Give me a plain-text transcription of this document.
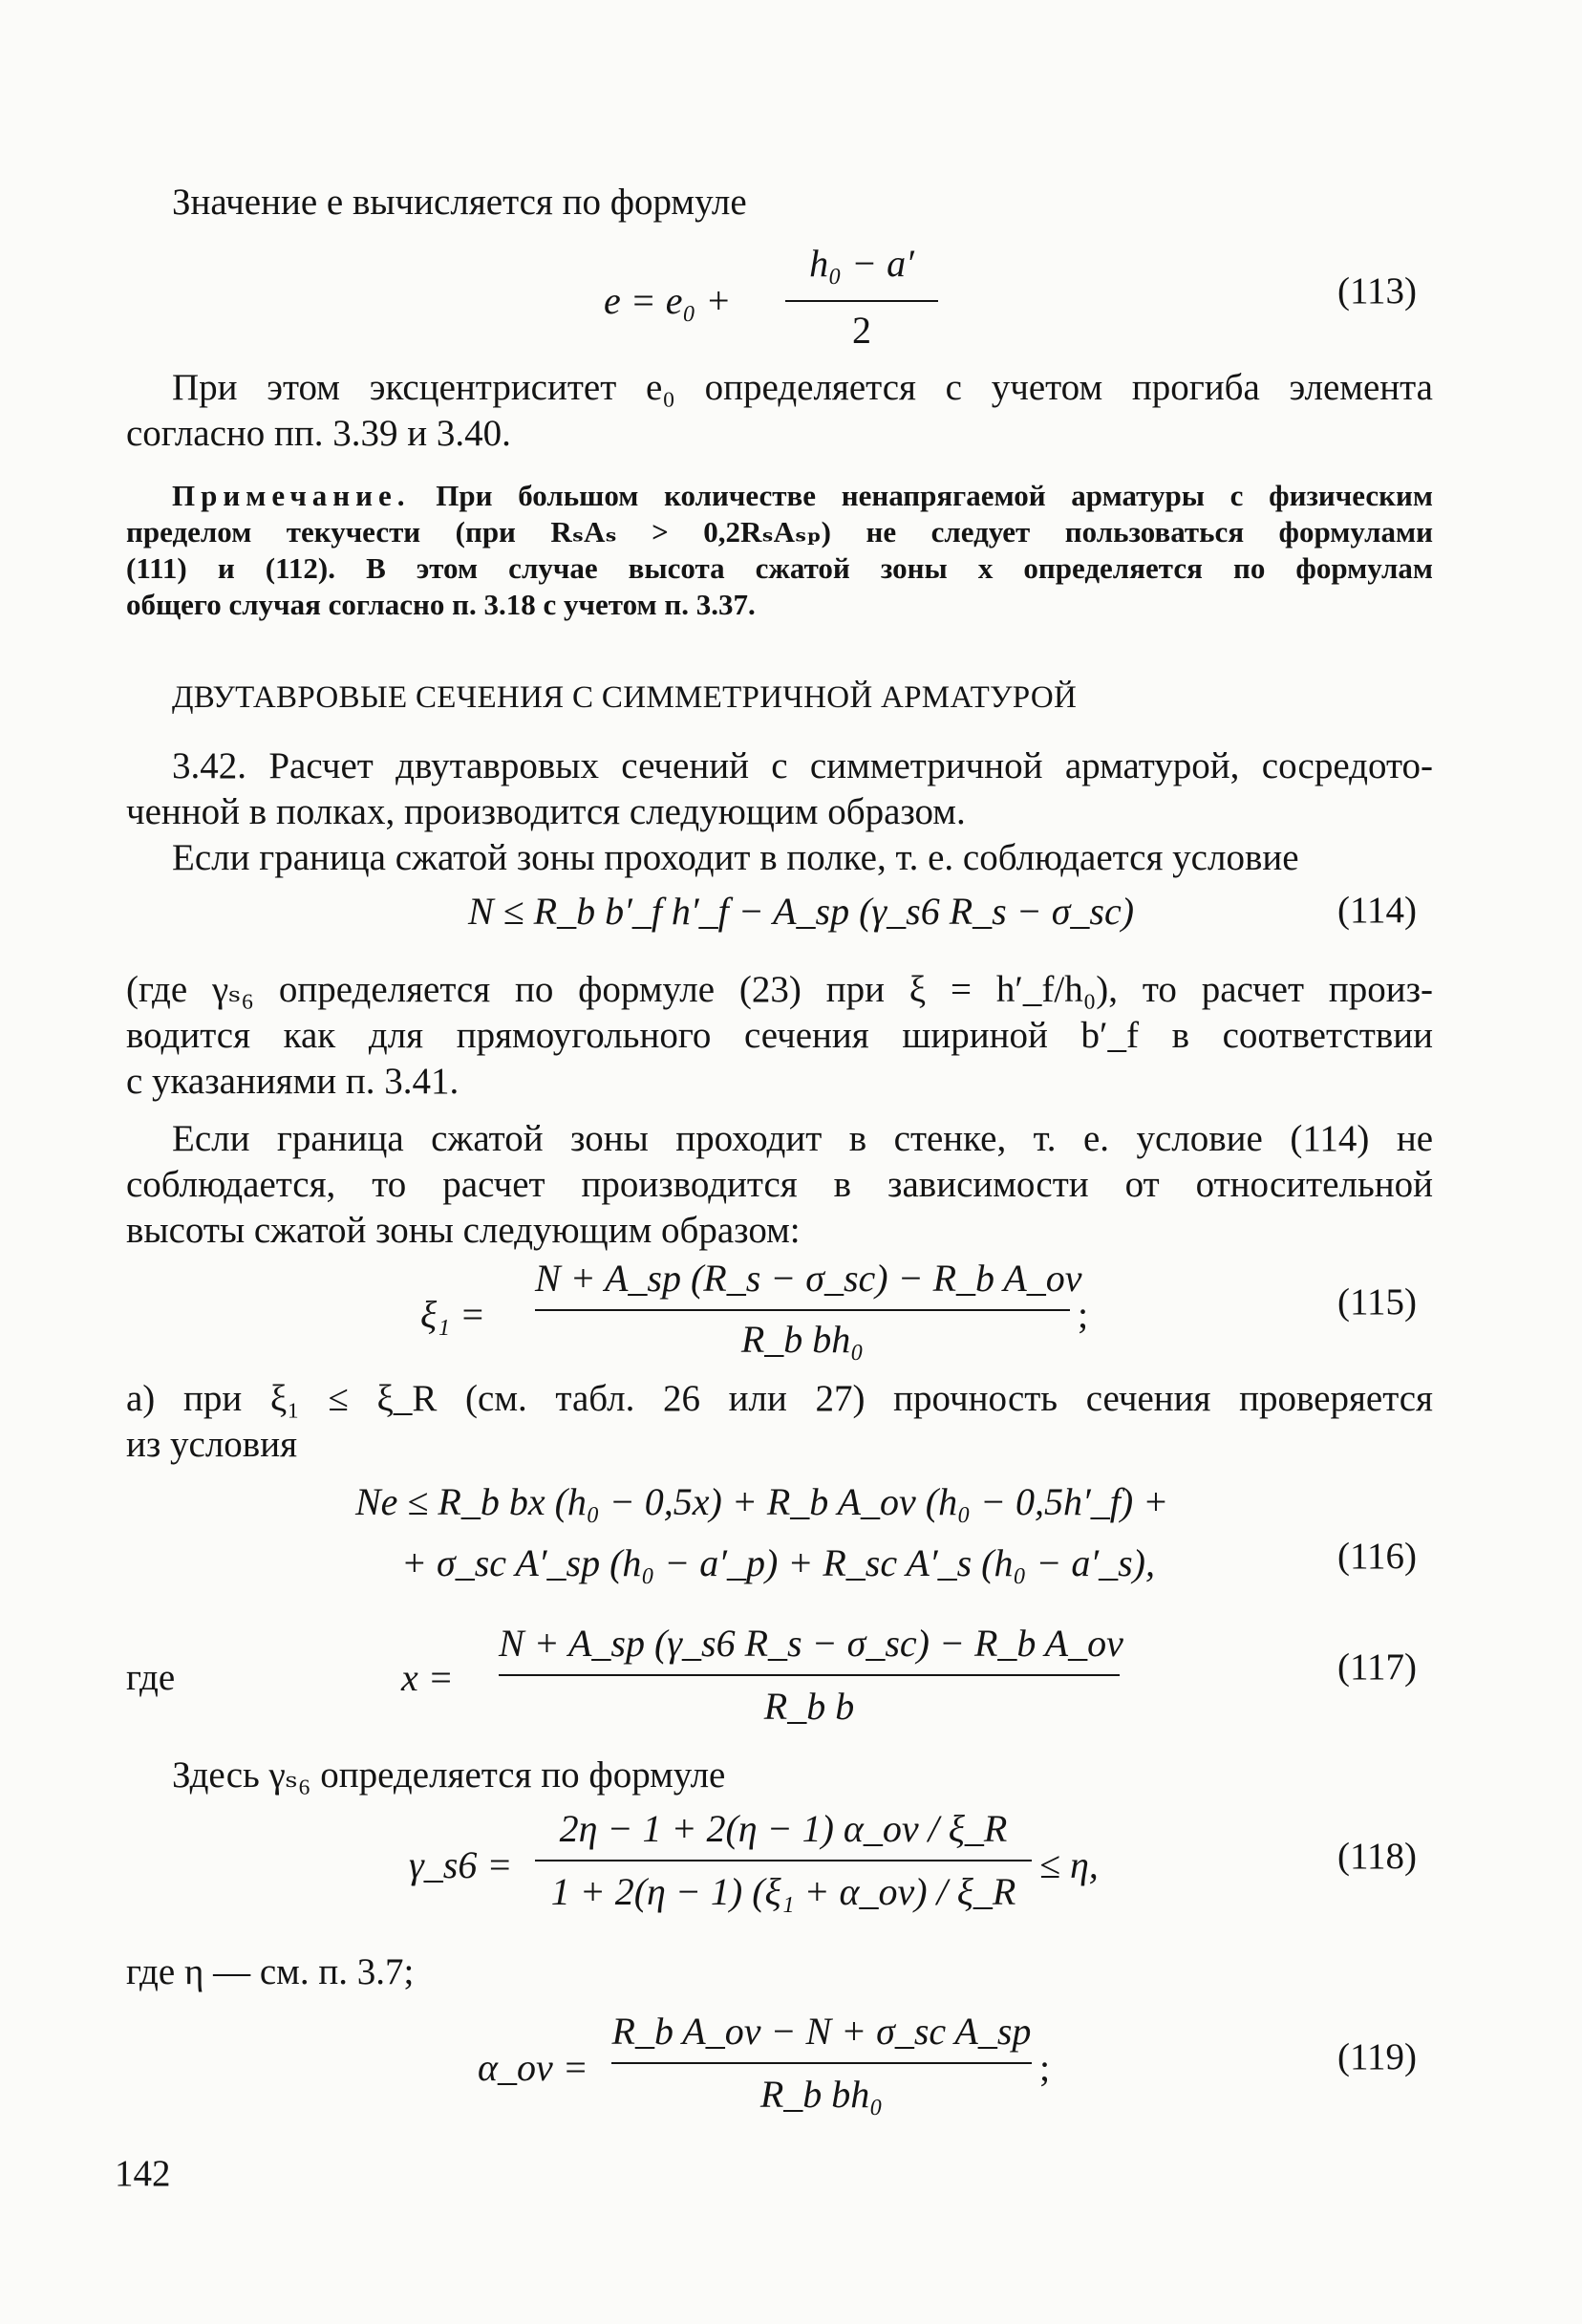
Значение e вычисляется по формуле
e = e₀ +
h₀ − a′
2
(113)
При этом эксцентриситет e₀ определяется с учетом прогиба элемента
согласно пп. 3.39 и 3.40.
Примечание. При большом количестве ненапрягаемой арматуры с физическим
пределом текучести (при RₛAₛ > 0,2RₛAₛₚ) не следует пользоваться формулами
(111) и (112). В этом случае высота сжатой зоны x определяется по формулам
общего случая согласно п. 3.18 с учетом п. 3.37.
ДВУТАВРОВЫЕ СЕЧЕНИЯ С СИММЕТРИЧНОЙ АРМАТУРОЙ
3.42. Расчет двутавровых сечений с симметричной арматурой, сосредото-
ченной в полках, производится следующим образом.
Если граница сжатой зоны проходит в полке, т. е. соблюдается условие
N ≤ R_b b′_f h′_f − A_sp (γ_s6 R_s − σ_sc)	(114)
(где γₛ₆ определяется по формуле (23) при ξ = h′_f/h₀), то расчет произ-
водится как для прямоугольного сечения шириной b′_f в соответствии
с указаниями п. 3.41.
Если граница сжатой зоны проходит в стенке, т. е. условие (114) не
соблюдается, то расчет производится в зависимости от относительной
высоты сжатой зоны следующим образом:
ξ₁ =
N + A_sp (R_s − σ_sc) − R_b A_ov
R_b bh₀
;	(115)
а) при ξ₁ ≤ ξ_R (см. табл. 26 или 27) прочность сечения проверяется
из условия
Ne ≤ R_b bx (h₀ − 0,5x) + R_b A_ov (h₀ − 0,5h′_f) +
+ σ_sc A′_sp (h₀ − a′_p) + R_sc A′_s (h₀ − a′_s),	(116)
где	x =
N + A_sp (γ_s6 R_s − σ_sc) − R_b A_ov
R_b b
(117)
Здесь γₛ₆ определяется по формуле
γ_s6 =
2η − 1 + 2(η − 1) α_ov / ξ_R
1 + 2(η − 1) (ξ₁ + α_ov) / ξ_R
≤ η,	(118)
где η — см. п. 3.7;
α_ov =
R_b A_ov − N + σ_sc A_sp
R_b bh₀
;	(119)
142
